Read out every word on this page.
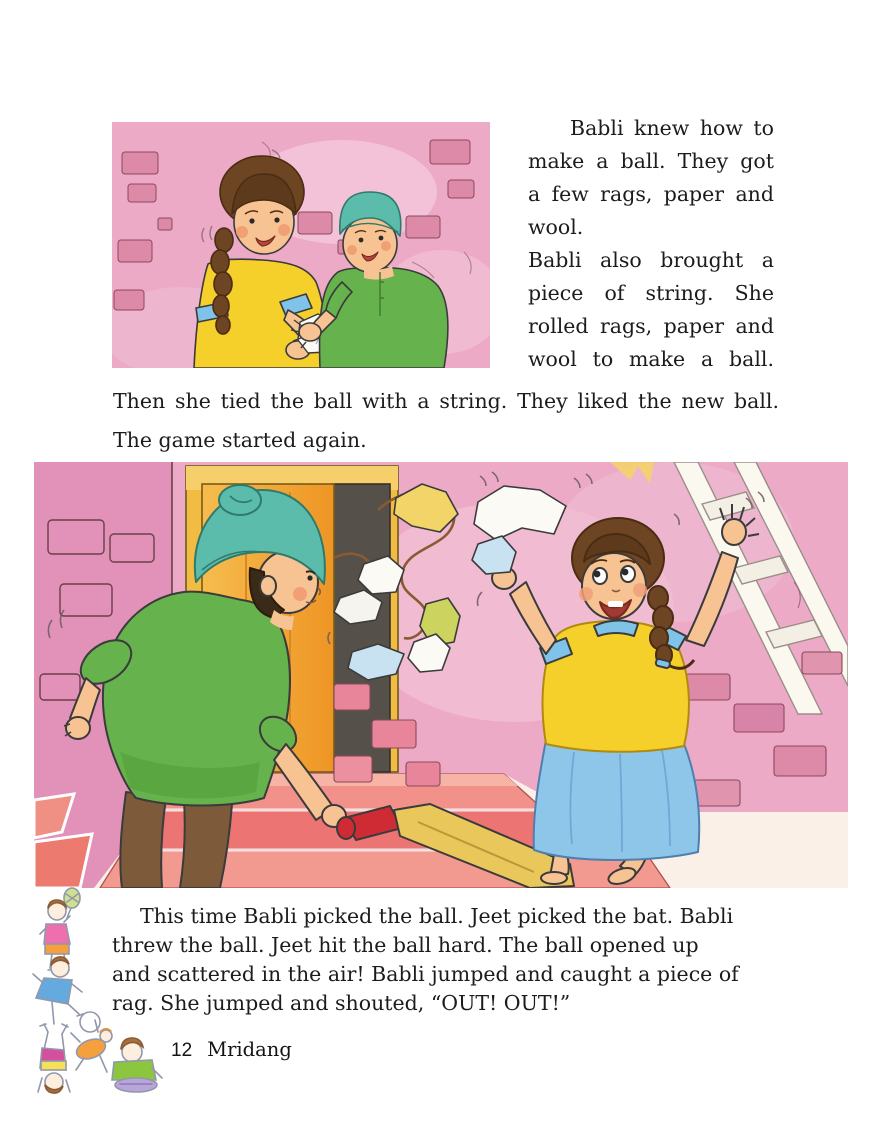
Babli knew how to
make a ball. They got
a few rags, paper and
wool.
Babli also brought a
piece of string. She
rolled rags, paper and
wool to make a ball.
Then she tied the ball with a string. They liked the new ball.
The game started again.
This time Babli picked the ball. Jeet picked the bat. Babli
threw the ball. Jeet hit the ball hard. The ball opened up
and scattered in the air! Babli jumped and caught a piece of
rag. She jumped and shouted, “OUT! OUT!”
12 Mridang
